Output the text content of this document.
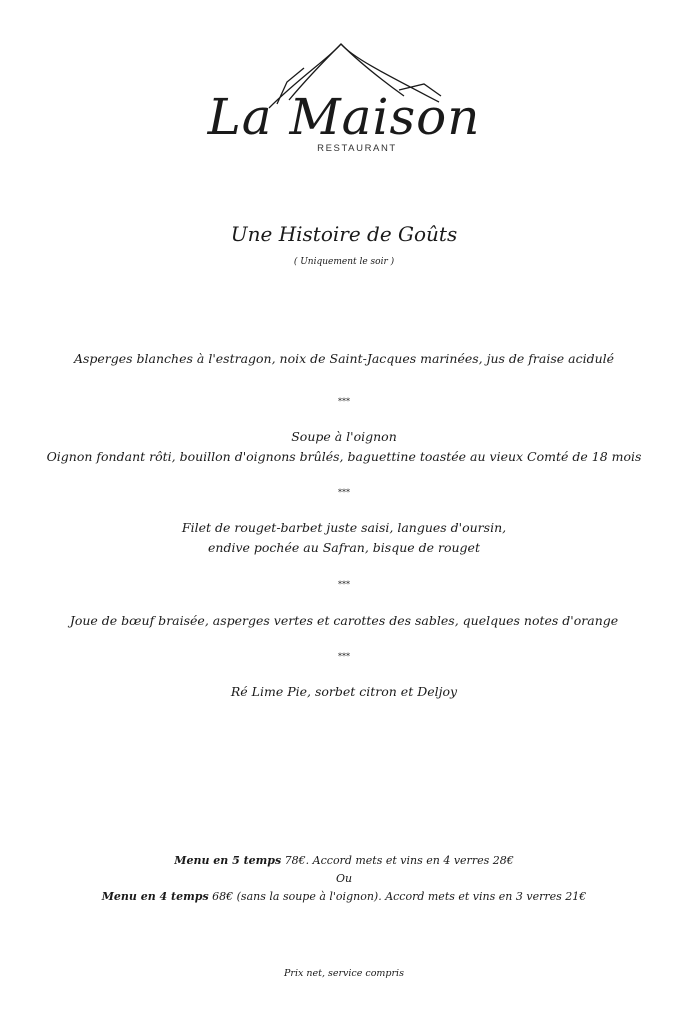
La Maison
RESTAURANT
Une Histoire de Goûts
( Uniquement le soir )
Asperges blanches à l'estragon, noix de Saint-Jacques marinées, jus de fraise acidulé
***
Soupe à l'oignon
Oignon fondant rôti, bouillon d'oignons brûlés, baguettine toastée au vieux Comté de 18 mois
***
Filet de rouget-barbet juste saisi, langues d'oursin,
endive pochée au Safran, bisque de rouget
***
Joue de bœuf braisée, asperges vertes et carottes des sables, quelques notes d'orange
***
Ré Lime Pie, sorbet citron et Deljoy
Menu en 5 temps 78€. Accord mets et vins en 4 verres 28€
Ou
Menu en 4 temps 68€ (sans la soupe à l'oignon). Accord mets et vins en 3 verres 21€
Prix net, service compris
